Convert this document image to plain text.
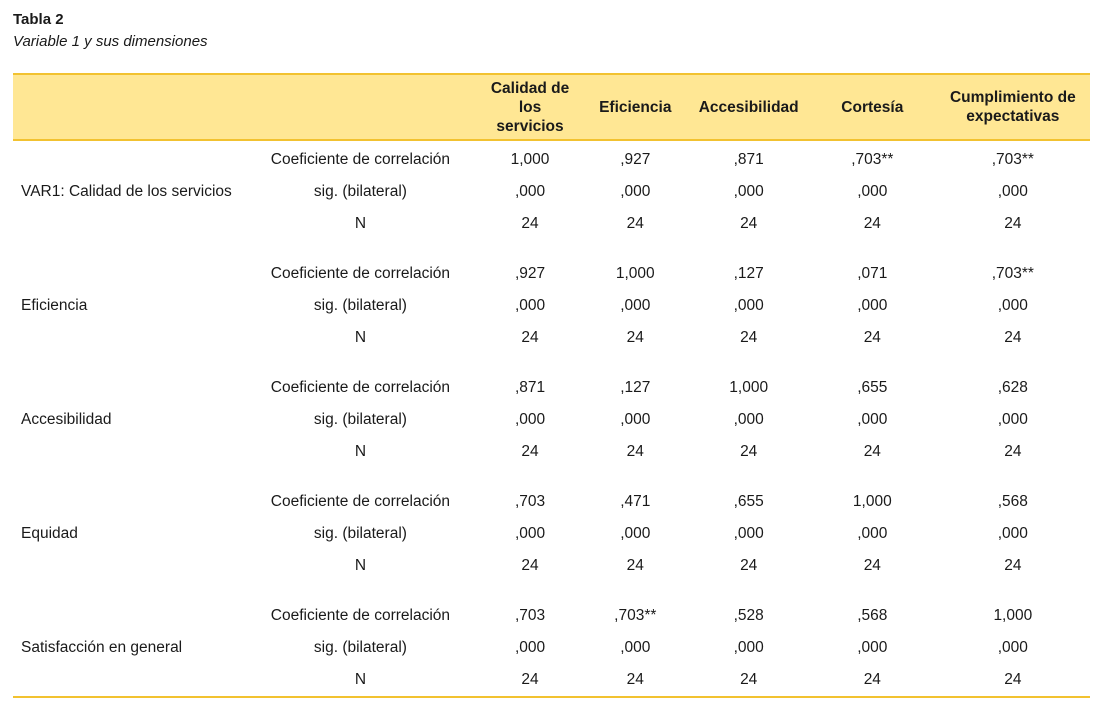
Tabla 2
Variable 1 y sus dimensiones
		Calidad de los servicios	Eficiencia	Accesibilidad	Cortesía	Cumplimiento de expectativas
VAR1: Calidad de los servicios	Coeficiente de correlación	1,000	,927	,871	,703**	,703**
	sig. (bilateral)	,000	,000	,000	,000	,000
	N	24	24	24	24	24

Eficiencia	Coeficiente de correlación	,927	1,000	,127	,071	,703**
	sig. (bilateral)	,000	,000	,000	,000	,000
	N	24	24	24	24	24

Accesibilidad	Coeficiente de correlación	,871	,127	1,000	,655	,628
	sig. (bilateral)	,000	,000	,000	,000	,000
	N	24	24	24	24	24

Equidad	Coeficiente de correlación	,703	,471	,655	1,000	,568
	sig. (bilateral)	,000	,000	,000	,000	,000
	N	24	24	24	24	24

Satisfacción en general	Coeficiente de correlación	,703	,703**	,528	,568	1,000
	sig. (bilateral)	,000	,000	,000	,000	,000
	N	24	24	24	24	24
